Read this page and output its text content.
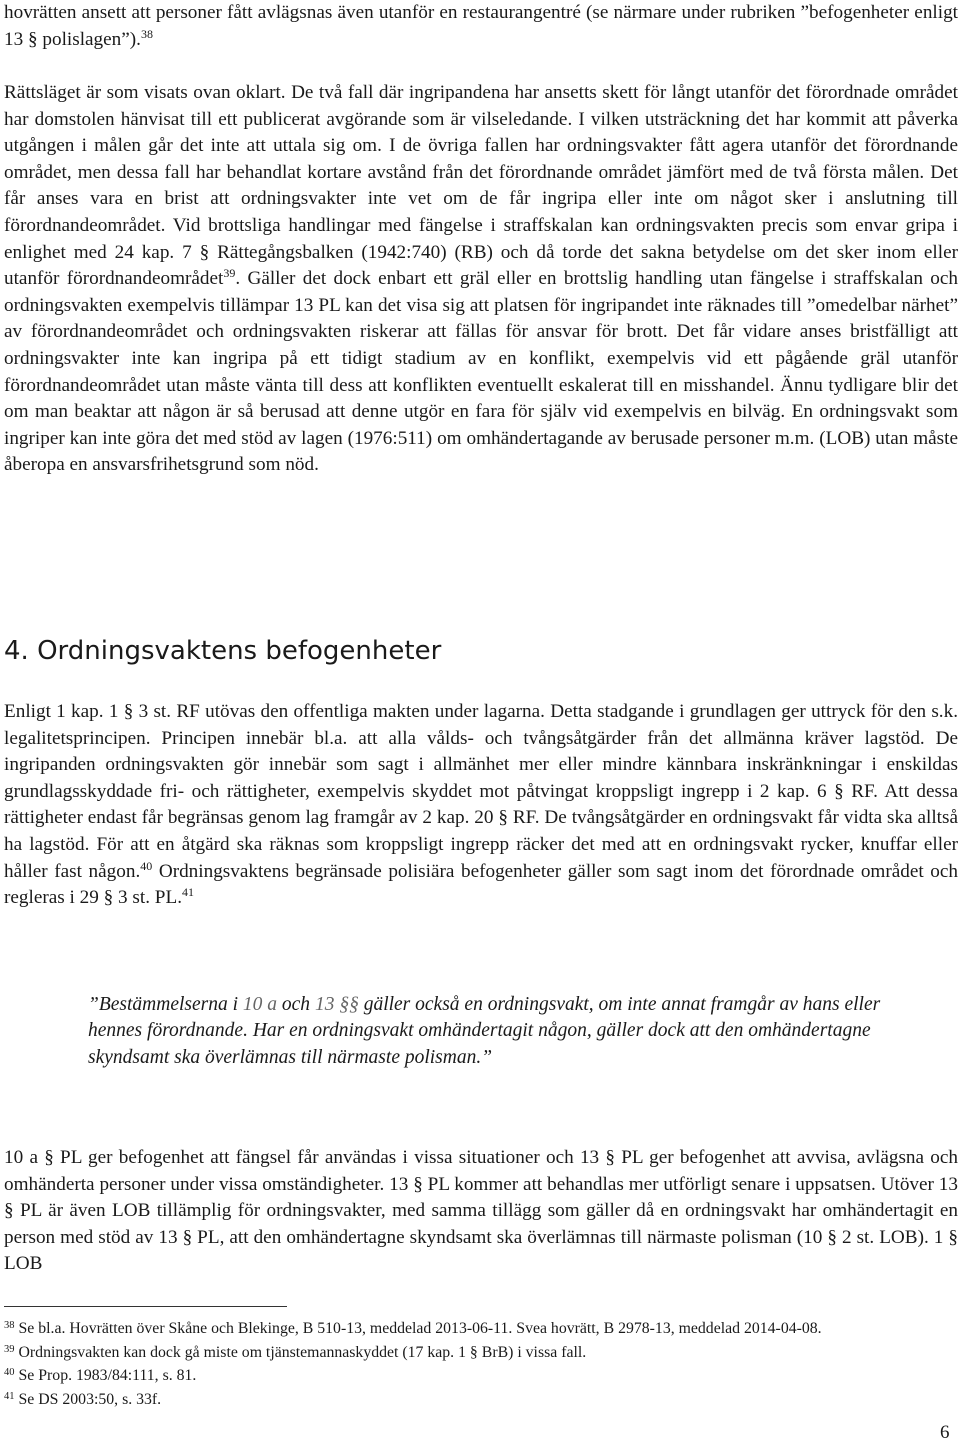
hovrätten ansett att personer fått avlägsnas även utanför en restaurangentré (se närmare under rubriken ”befogenheter enligt 13 § polislagen”).$^{38}$

Rättsläget är som visats ovan oklart. De två fall där ingripandena har ansetts skett för långt utanför det förordnade området har domstolen hänvisat till ett publicerat avgörande som är vilseledande. I vilken utsträckning det har kommit att påverka utgången i målen går det inte att uttala sig om. I de övriga fallen har ordningsvakter fått agera utanför det förordnande området, men dessa fall har behandlat kortare avstånd från det förordnande området jämfört med de två första målen. Det får anses vara en brist att ordningsvakter inte vet om de får ingripa eller inte om något sker i anslutning till förordnandeområdet. Vid brottsliga handlingar med fängelse i straffskalan kan ordningsvakten precis som envar gripa i enlighet med 24 kap. 7 § Rättegångsbalken (1942:740) (RB) och då torde det sakna betydelse om det sker inom eller utanför förordnandeområdet$^{39}$. Gäller det dock enbart ett gräl eller en brottslig handling utan fängelse i straffskalan och ordningsvakten exempelvis tillämpar 13 PL kan det visa sig att platsen för ingripandet inte räknades till ”omedelbar närhet” av förordnandeområdet och ordningsvakten riskerar att fällas för ansvar för brott. Det får vidare anses bristfälligt att ordningsvakter inte kan ingripa på ett tidigt stadium av en konflikt, exempelvis vid ett pågående gräl utanför förordnandeområdet utan måste vänta till dess att konflikten eventuellt eskalerat till en misshandel. Ännu tydligare blir det om man beaktar att någon är så berusad att denne utgör en fara för själv vid exempelvis en bilväg. En ordningsvakt som ingriper kan inte göra det med stöd av lagen (1976:511) om omhändertagande av berusade personer m.m. (LOB) utan måste åberopa en ansvarsfrihetsgrund som nöd.

4. Ordningsvaktens befogenheter

Enligt 1 kap. 1 § 3 st. RF utövas den offentliga makten under lagarna. Detta stadgande i grundlagen ger uttryck för den s.k. legalitetsprincipen. Principen innebär bl.a. att alla vålds- och tvångsåtgärder från det allmänna kräver lagstöd. De ingripanden ordningsvakten gör innebär som sagt i allmänhet mer eller mindre kännbara inskränkningar i enskildas grundlagsskyddade fri- och rättigheter, exempelvis skyddet mot påtvingat kroppsligt ingrepp i 2 kap. 6 § RF. Att dessa rättigheter endast får begränsas genom lag framgår av 2 kap. 20 § RF. De tvångsåtgärder en ordningsvakt får vidta ska alltså ha lagstöd. För att en åtgärd ska räknas som kroppsligt ingrepp räcker det med att en ordningsvakt rycker, knuffar eller håller fast någon.$^{40}$ Ordningsvaktens begränsade polisiära befogenheter gäller som sagt inom det förordnade området och regleras i 29 § 3 st. PL.$^{41}$

”Bestämmelserna i 10 a och 13 §§ gäller också en ordningsvakt, om inte annat framgår av hans eller hennes förordnande. Har en ordningsvakt omhändertagit någon, gäller dock att den omhändertagne skyndsamt ska överlämnas till närmaste polisman.”

10 a § PL ger befogenhet att fängsel får användas i vissa situationer och 13 § PL ger befogenhet att avvisa, avlägsna och omhänderta personer under vissa omständigheter. 13 § PL kommer att behandlas mer utförligt senare i uppsatsen. Utöver 13 § PL är även LOB tillämplig för ordningsvakter, med samma tillägg som gäller då en ordningsvakt har omhändertagit en person med stöd av 13 § PL, att den omhändertagne skyndsamt ska överlämnas till närmaste polisman (10 § 2 st. LOB). 1 § LOB

$^{38}$ Se bl.a. Hovrätten över Skåne och Blekinge, B 510-13, meddelad 2013-06-11. Svea hovrätt, B 2978-13, meddelad 2014-04-08.

$^{39}$ Ordningsvakten kan dock gå miste om tjänstemannaskyddet (17 kap. 1 § BrB) i vissa fall.

$^{40}$ Se Prop. 1983/84:111, s. 81.

$^{41}$ Se DS 2003:50, s. 33f.

6
